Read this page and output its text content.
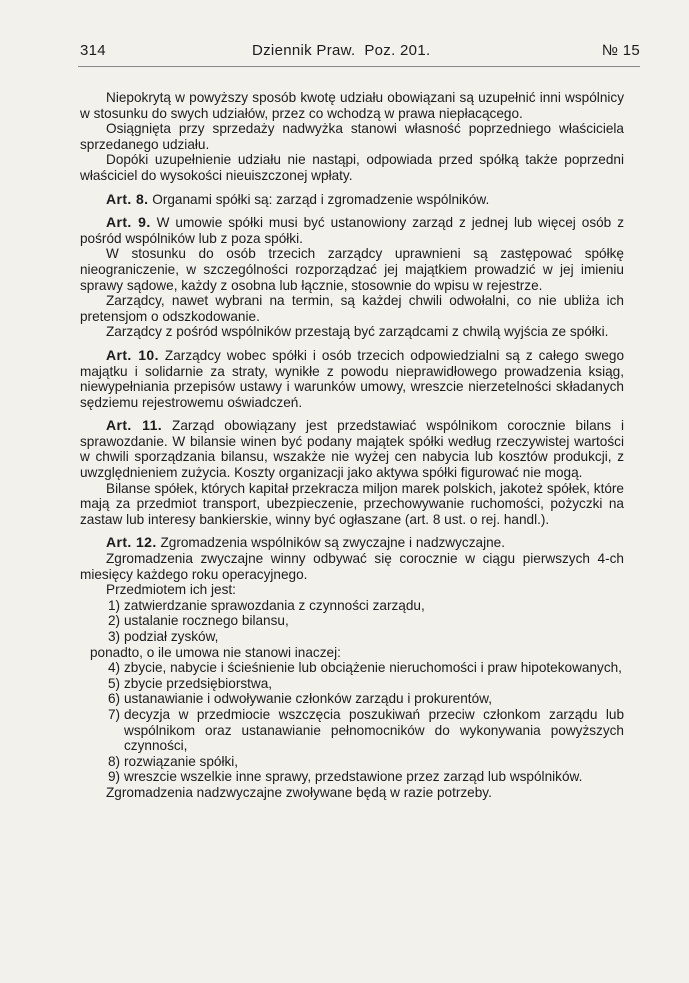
314	Dziennik Praw. Poz. 201.	№ 15

Niepokrytą w powyższy sposób kwotę udziału obowiązani są uzupełnić inni wspólnicy w stosunku do swych udziałów, przez co wchodzą w prawa niepłacącego.

Osiągnięta przy sprzedaży nadwyżka stanowi własność poprzedniego właściciela sprzedanego udziału.

Dopóki uzupełnienie udziału nie nastąpi, odpowiada przed spółką także poprzedni właściciel do wysokości nieuiszczonej wpłaty.

Art. 8. Organami spółki są: zarząd i zgromadzenie wspólników.

Art. 9. W umowie spółki musi być ustanowiony zarząd z jednej lub więcej osób z pośród wspólników lub z poza spółki.

W stosunku do osób trzecich zarządcy uprawnieni są zastępować spółkę nieograniczenie, w szczególności rozporządzać jej majątkiem prowadzić w jej imieniu sprawy sądowe, każdy z osobna lub łącznie, stosownie do wpisu w rejestrze.

Zarządcy, nawet wybrani na termin, są każdej chwili odwołalni, co nie ubliża ich pretensjom o odszkodowanie.

Zarządcy z pośród wspólników przestają być zarządcami z chwilą wyjścia ze spółki.

Art. 10. Zarządcy wobec spółki i osób trzecich odpowiedzialni są z całego swego majątku i solidarnie za straty, wynikłe z powodu nieprawidłowego prowadzenia ksiąg, niewypełniania przepisów ustawy i warunków umowy, wreszcie nierzetelności składanych sędziemu rejestrowemu oświadczeń.

Art. 11. Zarząd obowiązany jest przedstawiać wspólnikom corocznie bilans i sprawozdanie. W bilansie winen być podany majątek spółki według rzeczywistej wartości w chwili sporządzania bilansu, wszakże nie wyżej cen nabycia lub kosztów produkcji, z uwzględnieniem zużycia. Koszty organizacji jako aktywa spółki figurować nie mogą.

Bilanse spółek, których kapitał przekracza miljon marek polskich, jakoteż spółek, które mają za przedmiot transport, ubezpieczenie, przechowywanie ruchomości, pożyczki na zastaw lub interesy bankierskie, winny być ogłaszane (art. 8 ust. o rej. handl.).

Art. 12. Zgromadzenia wspólników są zwyczajne i nadzwyczajne.

Zgromadzenia zwyczajne winny odbywać się corocznie w ciągu pierwszych 4-ch miesięcy każdego roku operacyjnego.

Przedmiotem ich jest:

1) zatwierdzanie sprawozdania z czynności zarządu,
2) ustalanie rocznego bilansu,
3) podział zysków,

ponadto, o ile umowa nie stanowi inaczej:

4) zbycie, nabycie i ścieśnienie lub obciążenie nieruchomości i praw hipotekowanych,
5) zbycie przedsiębiorstwa,
6) ustanawianie i odwoływanie członków zarządu i prokurentów,
7) decyzja w przedmiocie wszczęcia poszukiwań przeciw członkom zarządu lub wspólnikom oraz ustanawianie pełnomocników do wykonywania powyższych czynności,
8) rozwiązanie spółki,
9) wreszcie wszelkie inne sprawy, przedstawione przez zarząd lub wspólników.

Zgromadzenia nadzwyczajne zwoływane będą w razie potrzeby.
